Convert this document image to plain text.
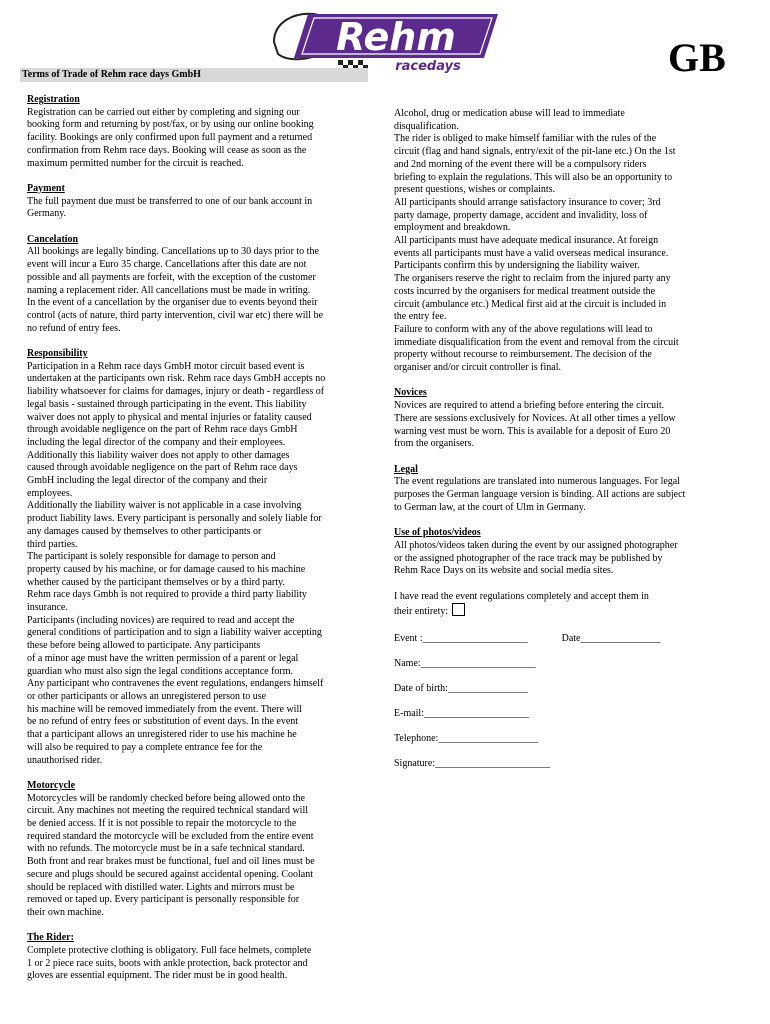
Rehm
racedays	GB
Terms of Trade of Rehm race days GmbH
Registration
Registration can be carried out either by completing and signing our
booking form and returning by post/fax, or by using our online booking
facility. Bookings are only confirmed upon full payment and a returned
confirmation from Rehm race days. Booking will cease as soon as the
maximum permitted number for the circuit is reached.
Payment
The full payment due must be transferred to one of our bank account in
Germany.
Cancelation
All bookings are legally binding. Cancellations up to 30 days prior to the
event will incur a Euro 35 charge. Cancellations after this date are not
possible and all payments are forfeit, with the exception of the customer
naming a replacement rider. All cancellations must be made in writing.
In the event of a cancellation by the organiser due to events beyond their
control (acts of nature, third party intervention, civil war etc) there will be
no refund of entry fees.
Responsibility
Participation in a Rehm race days GmbH motor circuit based event is
undertaken at the participants own risk. Rehm race days GmbH accepts no
liability whatsoever for claims for damages, injury or death - regardless of
legal basis - sustained through participating in the event. This liability
waiver does not apply to physical and mental injuries or fatality caused
through avoidable negligence on the part of Rehm race days GmbH
including the legal director of the company and their employees.
Additionally this liability waiver does not apply to other damages
caused through avoidable negligence on the part of Rehm race days
GmbH including the legal director of the company and their
employees.
Additionally the liability waiver is not applicable in a case involving
product liability laws. Every participant is personally and solely liable for
any damages caused by themselves to other participants or
third parties.
The participant is solely responsible for damage to person and
property caused by his machine, or for damage caused to his machine
whether caused by the participant themselves or by a third party.
Rehm race days Gmbh is not required to provide a third party liability
insurance.
Participants (including novices) are required to read and accept the
general conditions of participation and to sign a liability waiver accepting
these before being allowed to participate. Any participants
of a minor age must have the written permission of a parent or legal
guardian who must also sign the legal conditions acceptance form.
Any participant who contravenes the event regulations, endangers himself
or other participants or allows an unregistered person to use
his machine will be removed immediately from the event. There will
be no refund of entry fees or substitution of event days. In the event
that a participant allows an unregistered rider to use his machine he
will also be required to pay a complete entrance fee for the
unauthorised rider.
Motorcycle
Motorcycles will be randomly checked before being allowed onto the
circuit. Any machines not meeting the required technical standard will
be denied access. If it is not possible to repair the motorcycle to the
required standard the motorcycle will be excluded from the entire event
with no refunds. The motorcycle must be in a safe technical standard.
Both front and rear brakes must be functional, fuel and oil lines must be
secure and plugs should be secured against accidental opening. Coolant
should be replaced with distilled water. Lights and mirrors must be
removed or taped up. Every participant is personally responsible for
their own machine.
The Rider:
Complete protective clothing is obligatory. Full face helmets, complete
1 or 2 piece race suits, boots with ankle protection, back protector and
gloves are essential equipment. The rider must be in good health.
Alcohol, drug or medication abuse will lead to immediate
disqualification.
The rider is obliged to make himself familiar with the rules of the
circuit (flag and hand signals, entry/exit of the pit-lane etc.) On the 1st
and 2nd morning of the event there will be a compulsory riders
briefing to explain the regulations. This will also be an opportunity to
present questions, wishes or complaints.
All participants should arrange satisfactory insurance to cover; 3rd
party damage, property damage, accident and invalidity, loss of
employment and breakdown.
All participants must have adequate medical insurance. At foreign
events all participants must have a valid overseas medical insurance.
Participants confirm this by undersigning the liability waiver.
The organisers reserve the right to reclaim from the injured party any
costs incurred by the organisers for medical treatment outside the
circuit (ambulance etc.) Medical first aid at the circuit is included in
the entry fee.
Failure to conform with any of the above regulations will lead to
immediate disqualification from the event and removal from the circuit
property without recourse to reimbursement. The decision of the
organiser and/or circuit controller is final.
Novices
Novices are required to attend a briefing before entering the circuit.
There are sessions exclusively for Novices. At all other times a yellow
warning vest must be worn. This is available for a deposit of Euro 20
from the organisers.
Legal
The event regulations are translated into numerous languages. For legal
purposes the German language version is binding. All actions are subject
to German law, at the court of Ulm in Germany.
Use of photos/videos
All photos/videos taken during the event by our assigned photographer
or the assigned photographer of the race track may be published by
Rehm Race Days on its website and social media sites.
I have read the event regulations completely and accept them in
their entirety:
Event :_____________________	Date________________
Name:_______________________
Date of birth:________________
E-mail:_____________________
Telephone:____________________
Signature:_______________________
